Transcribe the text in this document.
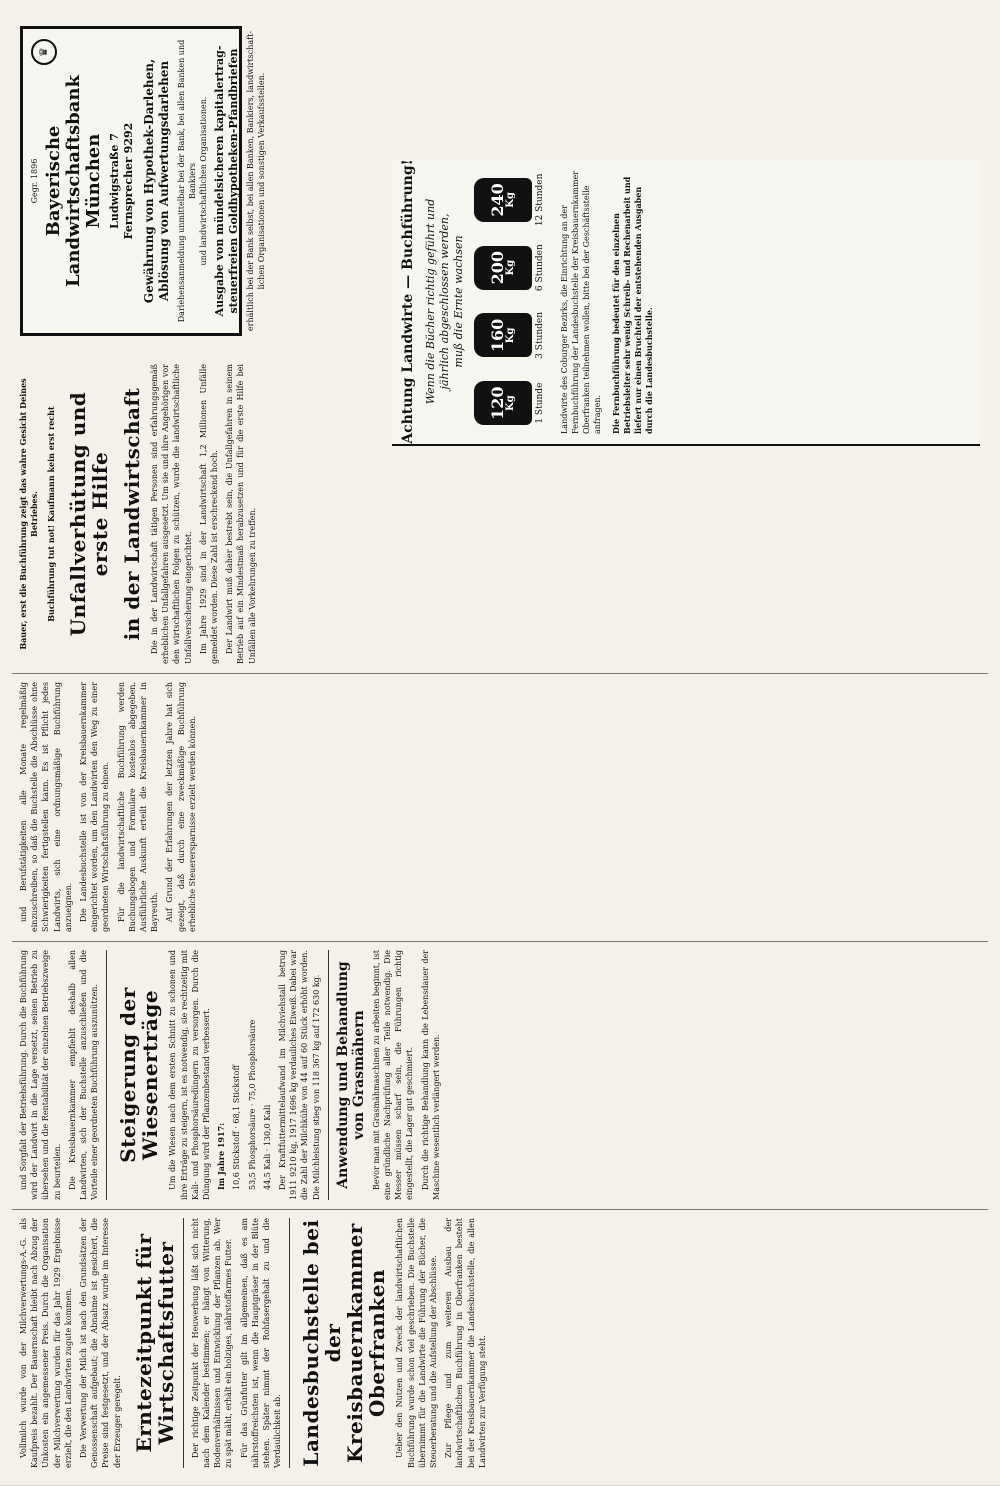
Vollmilch wurde von der Milchverwertungs-A.-G. als Kaufpreis bezahlt. Der Bauernschaft bleibt nach Abzug der Unkosten ein angemessener Preis. Durch die Organisation der Milchverwertung wurden für das Jahr 1929 Ergebnisse erzielt, die den Landwirten zugute kommen. Die Verwertung der Milch ist nach den Grundsätzen der Genossenschaft aufgebaut; die Abnahme ist gesichert, die Preise sind festgesetzt, und der Absatz wurde im Interesse der Erzeuger geregelt. Erntezeitpunkt für Wirtschaftsfutter Der richtige Zeitpunkt der Heuwerbung läßt sich nicht nach dem Kalender bestimmen; er hängt von Witterung, Bodenverhältnissen und Entwicklung der Pflanzen ab. Wer zu spät mäht, erhält ein holziges, nährstoffarmes Futter. Für das Grünfutter gilt im allgemeinen, daß es am nährstoffreichsten ist, wenn die Hauptgräser in der Blüte stehen. Später nimmt der Rohfasergehalt zu und die Verdaulichkeit ab. Landesbuchstelle bei der Kreisbauernkammer Oberfranken Ueber den Nutzen und Zweck der landwirtschaftlichen Buchführung wurde schon viel geschrieben. Die Buchstelle übernimmt für die Landwirte die Führung der Bücher, die Steuerberatung und die Aufstellung der Abschlüsse. Zur Pflege und zum weiteren Ausbau der landwirtschaftlichen Buchführung in Oberfranken besteht bei der Kreisbauernkammer die Landesbuchstelle, die allen Landwirten zur Verfügung steht.

und Sorgfalt der Betriebsführung. Durch die Buchführung wird der Landwirt in die Lage versetzt, seinen Betrieb zu übersehen und die Rentabilität der einzelnen Betriebszweige zu beurteilen. Die Kreisbauernkammer empfiehlt deshalb allen Landwirten, sich der Buchstelle anzuschließen und die Vorteile einer geordneten Buchführung auszunützen. Steigerung der Wiesenerträge Um die Wiesen nach dem ersten Schnitt zu schonen und ihre Erträge zu steigern, ist es notwendig, sie rechtzeitig mit Kali- und Phosphorsäuredüngern zu versorgen. Durch die Düngung wird der Pflanzenbestand verbessert. Im Jahre 1917: 10,6 Stickstoff · 68,1 Stickstoff 53,5 Phosphorsäure · 75,0 Phosphorsäure 44,5 Kali · 130,0 Kali Der Kraftfuttermittelaufwand im Milchviehstall betrug 1911 9210 kg, 1917 1696 kg verdauliches Eiweiß. Dabei war die Zahl der Milchkühe von 44 auf 60 Stück erhöht worden. Die Milchleistung stieg von 118 367 kg auf 172 630 kg. Anwendung und Behandlung von Grasmähern Bevor man mit Grasmähmaschinen zu arbeiten beginnt, ist eine gründliche Nachprüfung aller Teile notwendig. Die Messer müssen scharf sein, die Führungen richtig eingestellt, die Lager gut geschmiert. Durch die richtige Behandlung kann die Lebensdauer der Maschine wesentlich verlängert werden.

und Berufstätigkeiten alle Monate regelmäßig einzuschreiben, so daß die Buchstelle die Abschlüsse ohne Schwierigkeiten fertigstellen kann. Es ist Pflicht jedes Landwirts, sich eine ordnungsmäßige Buchführung anzueignen. Die Landesbuchstelle ist von der Kreisbauernkammer eingerichtet worden, um den Landwirten den Weg zu einer geordneten Wirtschaftsführung zu ebnen. Für die landwirtschaftliche Buchführung werden Buchungsbogen und Formulare kostenlos abgegeben. Ausführliche Auskunft erteilt die Kreisbauernkammer in Bayreuth. Auf Grund der Erfahrungen der letzten Jahre hat sich gezeigt, daß durch eine zweckmäßige Buchführung erhebliche Steuerersparnisse erzielt werden können.

Bauer, erst die Buchführung zeigt das wahre Gesicht Deines Betriebes. Buchführung tut not! Kaufmann kein erst recht Unfallverhütung und erste Hilfe in der Landwirtschaft Die in der Landwirtschaft tätigen Personen sind erfahrungsgemäß erheblichen Unfallgefahren ausgesetzt. Um sie und ihre Angehörigen vor den wirtschaftlichen Folgen zu schützen, wurde die landwirtschaftliche Unfallversicherung eingerichtet. Im Jahre 1929 sind in der Landwirtschaft 1,2 Millionen Unfälle gemeldet worden. Diese Zahl ist erschreckend hoch. Der Landwirt muß daher bestrebt sein, die Unfallgefahren in seinem Betrieb auf ein Mindestmaß herabzusetzen und für die erste Hilfe bei Unfällen alle Vorkehrungen zu treffen.

Gegr. 1896 Bayerische Landwirtschaftsbank München Ludwigstraße 7 Fernsprecher 9292 Gewährung von Hypothek-Darlehen, Ablösung von Aufwertungsdarlehen Darlehensanmeldung unmittelbar bei der Bank, bei allen Banken und Bankiers und landwirtschaftlichen Organisationen. Ausgabe von mündelsicheren kapitalertrag- steuerfreien Goldhypotheken-Pfandbriefen erhältlich bei der Bank selbst, bei allen Banken, Bankiers, landwirtschaft- lichen Organisationen und sonstigen Verkaufsstellen.
♛
Achtung Landwirte — Buchführung! Wenn die Bücher richtig geführt und jährlich abgeschlossen werden, muß die Ernte wachsen
120
Kg 1 Stunde
160
Kg 3 Stunden
200
Kg 6 Stunden
240
Kg 12 Stunden

Landwirte des Coburger Bezirks, die Einrichtung an der Fernbuchführung der Landesbuchstelle der Kreisbauernkammer Oberfranken teilnehmen wollen, bitte bei der Geschäftsstelle anfragen. Die Fernbuchführung bedeutet für den einzelnen Betriebsleiter sehr wenig Schreib- und Rechenarbeit und liefert nur einen Bruchteil der entstehenden Ausgaben durch die Landesbuchstelle.
